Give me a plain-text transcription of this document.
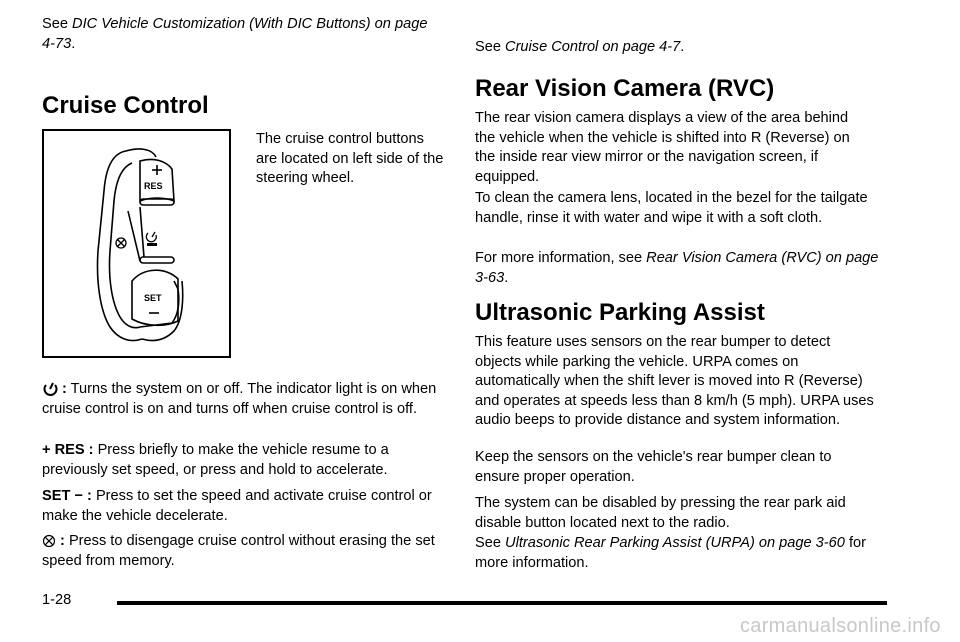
See DIC Vehicle Customization (With DIC Buttons) on page 4-73.

Cruise Control

The cruise control buttons are located on left side of the steering wheel.

RES
SET

: Turns the system on or off. The indicator light is on when cruise control is on and turns off when cruise control is off.

+ RES : Press briefly to make the vehicle resume to a previously set speed, or press and hold to accelerate.

SET − : Press to set the speed and activate cruise control or make the vehicle decelerate.

: Press to disengage cruise control without erasing the set speed from memory.

See Cruise Control on page 4-7.

Rear Vision Camera (RVC)

The rear vision camera displays a view of the area behind the vehicle when the vehicle is shifted into R (Reverse) on the inside rear view mirror or the navigation screen, if equipped.

To clean the camera lens, located in the bezel for the tailgate handle, rinse it with water and wipe it with a soft cloth.

For more information, see Rear Vision Camera (RVC) on page 3-63.

Ultrasonic Parking Assist

This feature uses sensors on the rear bumper to detect objects while parking the vehicle. URPA comes on automatically when the shift lever is moved into R (Reverse) and operates at speeds less than 8 km/h (5 mph). URPA uses audio beeps to provide distance and system information.

Keep the sensors on the vehicle's rear bumper clean to ensure proper operation.

The system can be disabled by pressing the rear park aid disable button located next to the radio.

See Ultrasonic Rear Parking Assist (URPA) on page 3-60 for more information.

1-28
carmanualsonline.info
